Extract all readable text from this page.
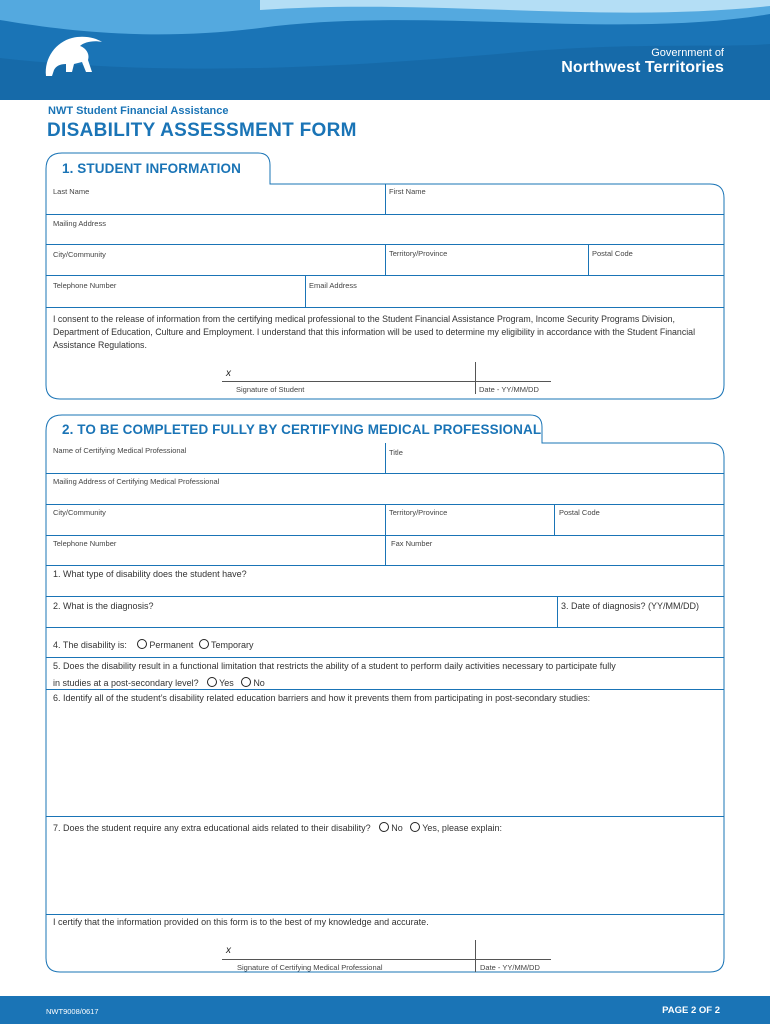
Government of
Northwest Territories
NWT Student Financial Assistance
DISABILITY ASSESSMENT FORM
1. STUDENT INFORMATION
Last Name	First Name
Mailing Address
City/Community	Territory/Province	Postal Code
Telephone Number	Email Address
I consent to the release of information from the certifying medical professional to the Student Financial Assistance Program, Income Security Programs Division, Department of Education, Culture and Employment. I understand that this information will be used to determine my eligibility in accordance with the Student Financial Assistance Regulations.
x
Signature of Student	Date - YY/MM/DD
2. TO BE COMPLETED FULLY BY CERTIFYING MEDICAL PROFESSIONAL
Name of Certifying Medical Professional	Title
Mailing Address of Certifying Medical Professional
City/Community	Territory/Province	Postal Code
Telephone Number	Fax Number
1. What type of disability does the student have?
2. What is the diagnosis?	3. Date of diagnosis? (YY/MM/DD)
4. The disability is:	Permanent Temporary
5. Does the disability result in a functional limitation that restricts the ability of a student to perform daily activities necessary to participate fully
in studies at a post-secondary level? Yes No
6. Identify all of the student’s disability related education barriers and how it prevents them from participating in post-secondary studies:
7. Does the student require any extra educational aids related to their disability? No Yes, please explain:
I certify that the information provided on this form is to the best of my knowledge and accurate.
x
Signature of Certifying Medical Professional	Date - YY/MM/DD
NWT9008/0617	PAGE 2 OF 2
